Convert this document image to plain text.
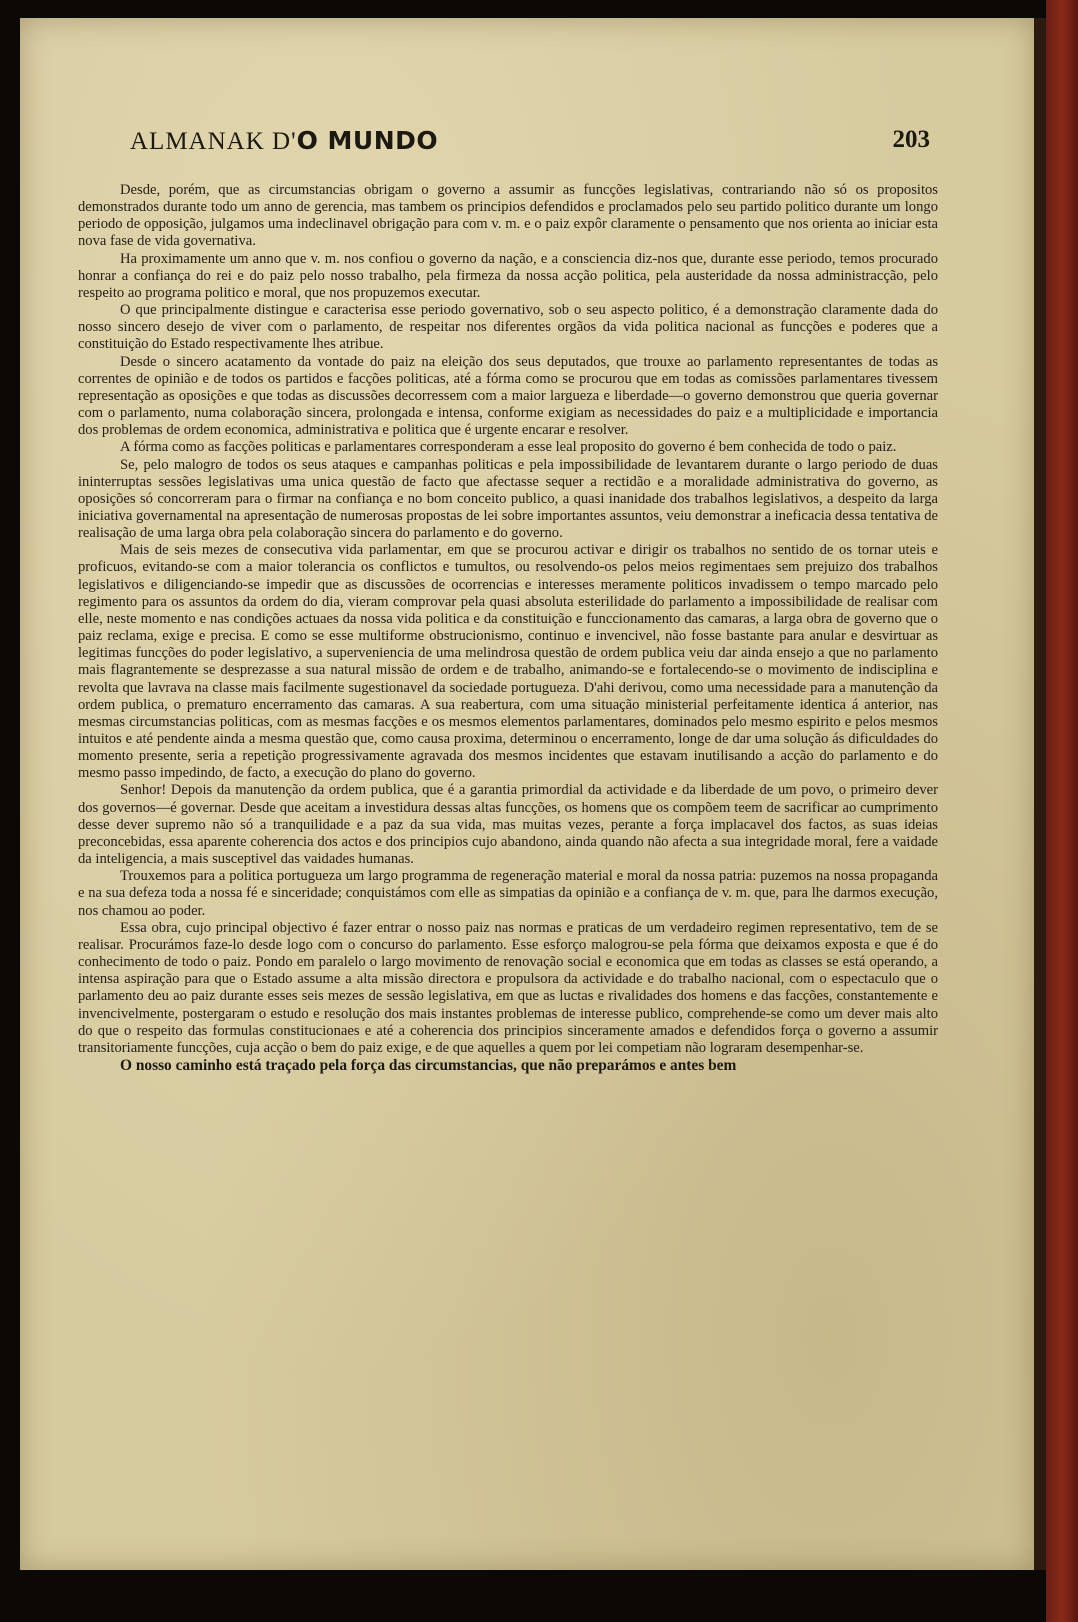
ALMANAK D'O MUNDO	203

Desde, porém, que as circumstancias obrigam o governo a assumir as funcções legislativas, contrariando não só os propositos demonstrados durante todo um anno de gerencia, mas tambem os principios defendidos e proclamados pelo seu partido politico durante um longo periodo de opposição, julgamos uma indeclinavel obrigação para com v. m. e o paiz expôr claramente o pensamento que nos orienta ao iniciar esta nova fase de vida governativa.

Ha proximamente um anno que v. m. nos confiou o governo da nação, e a consciencia diz-nos que, durante esse periodo, temos procurado honrar a confiança do rei e do paiz pelo nosso trabalho, pela firmeza da nossa acção politica, pela austeridade da nossa administracção, pelo respeito ao programa politico e moral, que nos propuzemos executar.

O que principalmente distingue e caracterisa esse periodo governativo, sob o seu aspecto politico, é a demonstração claramente dada do nosso sincero desejo de viver com o parlamento, de respeitar nos diferentes orgãos da vida politica nacional as funcções e poderes que a constituição do Estado respectivamente lhes atribue.

Desde o sincero acatamento da vontade do paiz na eleição dos seus deputados, que trouxe ao parlamento representantes de todas as correntes de opinião e de todos os partidos e facções politicas, até a fórma como se procurou que em todas as comissões parlamentares tivessem representação as oposições e que todas as discussões decorressem com a maior largueza e liberdade—o governo demonstrou que queria governar com o parlamento, numa colaboração sincera, prolongada e intensa, conforme exigiam as necessidades do paiz e a multiplicidade e importancia dos problemas de ordem economica, administrativa e politica que é urgente encarar e resolver.

A fórma como as facções politicas e parlamentares corresponderam a esse leal proposito do governo é bem conhecida de todo o paiz.

Se, pelo malogro de todos os seus ataques e campanhas politicas e pela impossibilidade de levantarem durante o largo periodo de duas ininterruptas sessões legislativas uma unica questão de facto que afectasse sequer a rectidão e a moralidade administrativa do governo, as oposições só concorreram para o firmar na confiança e no bom conceito publico, a quasi inanidade dos trabalhos legislativos, a despeito da larga iniciativa governamental na apresentação de numerosas propostas de lei sobre importantes assuntos, veiu demonstrar a ineficacia dessa tentativa de realisação de uma larga obra pela colaboração sincera do parlamento e do governo.

Mais de seis mezes de consecutiva vida parlamentar, em que se procurou activar e dirigir os trabalhos no sentido de os tornar uteis e proficuos, evitando-se com a maior tolerancia os conflictos e tumultos, ou resolvendo-os pelos meios regimentaes sem prejuizo dos trabalhos legislativos e diligenciando-se impedir que as discussões de ocorrencias e interesses meramente politicos invadissem o tempo marcado pelo regimento para os assuntos da ordem do dia, vieram comprovar pela quasi absoluta esterilidade do parlamento a impossibilidade de realisar com elle, neste momento e nas condições actuaes da nossa vida politica e da constituição e funccionamento das camaras, a larga obra de governo que o paiz reclama, exige e precisa. E como se esse multiforme obstrucionismo, continuo e invencivel, não fosse bastante para anular e desvirtuar as legitimas funcções do poder legislativo, a superveniencia de uma melindrosa questão de ordem publica veiu dar ainda ensejo a que no parlamento mais flagrantemente se desprezasse a sua natural missão de ordem e de trabalho, animando-se e fortalecendo-se o movimento de indisciplina e revolta que lavrava na classe mais facilmente sugestionavel da sociedade portugueza. D'ahi derivou, como uma necessidade para a manutenção da ordem publica, o prematuro encerramento das camaras. A sua reabertura, com uma situação ministerial perfeitamente identica á anterior, nas mesmas circumstancias politicas, com as mesmas facções e os mesmos elementos parlamentares, dominados pelo mesmo espirito e pelos mesmos intuitos e até pendente ainda a mesma questão que, como causa proxima, determinou o encerramento, longe de dar uma solução ás dificuldades do momento presente, seria a repetição progressivamente agravada dos mesmos incidentes que estavam inutilisando a acção do parlamento e do mesmo passo impedindo, de facto, a execução do plano do governo.

Senhor! Depois da manutenção da ordem publica, que é a garantia primordial da actividade e da liberdade de um povo, o primeiro dever dos governos—é governar. Desde que aceitam a investidura dessas altas funcções, os homens que os compõem teem de sacrificar ao cumprimento desse dever supremo não só a tranquilidade e a paz da sua vida, mas muitas vezes, perante a força implacavel dos factos, as suas ideias preconcebidas, essa aparente coherencia dos actos e dos principios cujo abandono, ainda quando não afecta a sua integridade moral, fere a vaidade da inteligencia, a mais susceptivel das vaidades humanas.

Trouxemos para a politica portugueza um largo programma de regeneração material e moral da nossa patria: puzemos na nossa propaganda e na sua defeza toda a nossa fé e sinceridade; conquistámos com elle as simpatias da opinião e a confiança de v. m. que, para lhe darmos execução, nos chamou ao poder.

Essa obra, cujo principal objectivo é fazer entrar o nosso paiz nas normas e praticas de um verdadeiro regimen representativo, tem de se realisar. Procurámos faze-lo desde logo com o concurso do parlamento. Esse esforço malogrou-se pela fórma que deixamos exposta e que é do conhecimento de todo o paiz. Pondo em paralelo o largo movimento de renovação social e economica que em todas as classes se está operando, a intensa aspiração para que o Estado assume a alta missão directora e propulsora da actividade e do trabalho nacional, com o espectaculo que o parlamento deu ao paiz durante esses seis mezes de sessão legislativa, em que as luctas e rivalidades dos homens e das facções, constantemente e invencivelmente, postergaram o estudo e resolução dos mais instantes problemas de interesse publico, comprehende-se como um dever mais alto do que o respeito das formulas constitucionaes e até a coherencia dos principios sinceramente amados e defendidos força o governo a assumir transitoriamente funcções, cuja acção o bem do paiz exige, e de que aquelles a quem por lei competiam não lograram desempenhar-se.

O nosso caminho está traçado pela força das circumstancias, que não preparámos e antes bem
